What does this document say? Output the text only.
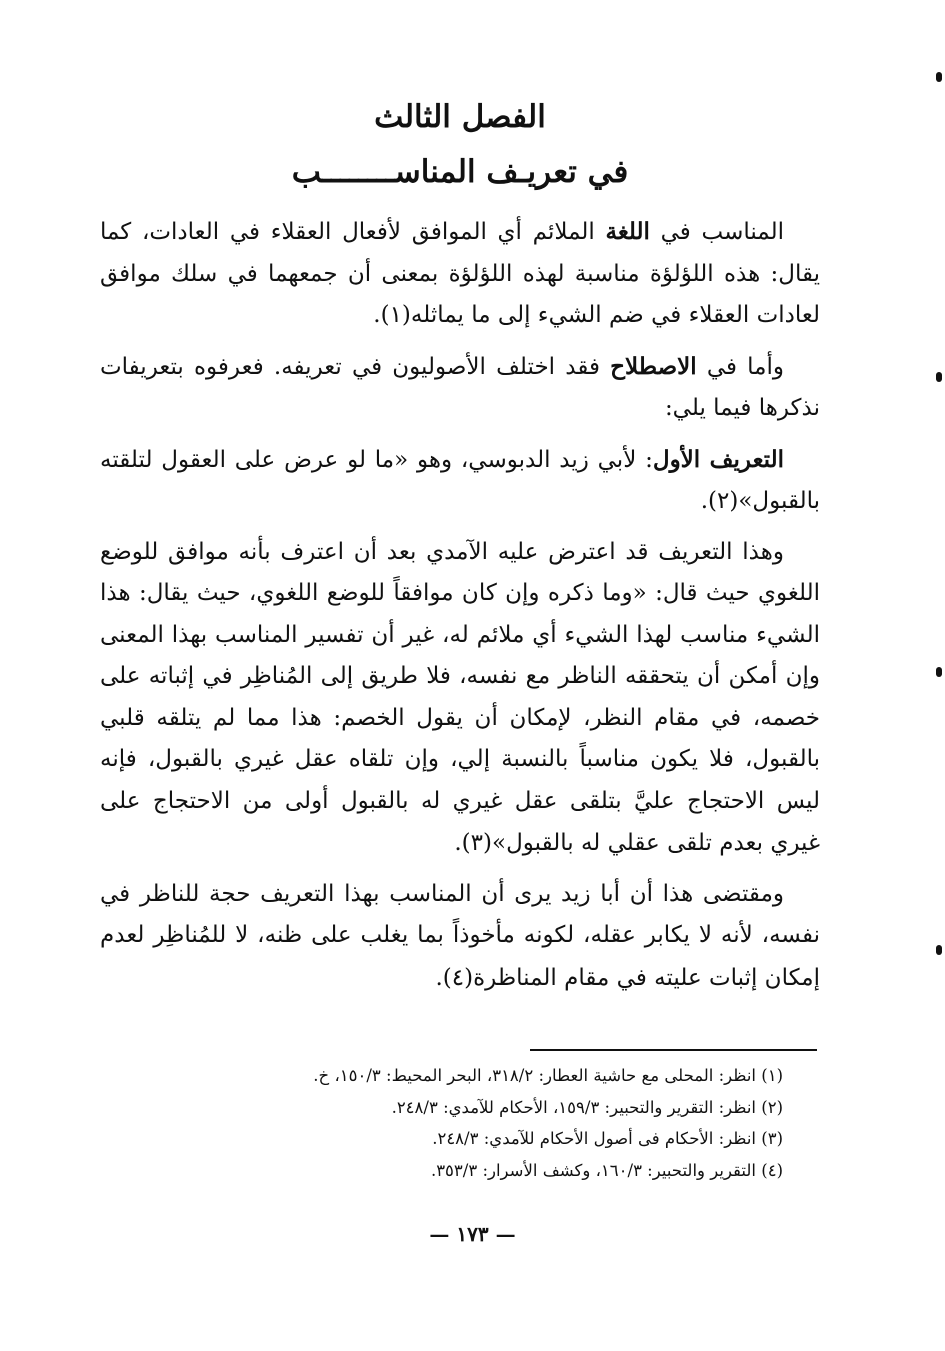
الفصل الثالث
في تعريـف المناســــــــب

المناسب في اللغة الملائم أي الموافق لأفعال العقلاء في العادات، كما يقال: هذه اللؤلؤة مناسبة لهذه اللؤلؤة بمعنى أن جمعهما في سلك موافق لعادات العقلاء في ضم الشيء إلى ما يماثله(١).

وأما في الاصطلاح فقد اختلف الأصوليون في تعريفه. فعرفوه بتعريفات نذكرها فيما يلي:

التعريف الأول: لأبي زيد الدبوسي، وهو «ما لو عرض على العقول لتلقته بالقبول»(٢).

وهذا التعريف قد اعترض عليه الآمدي بعد أن اعترف بأنه موافق للوضع اللغوي حيث قال: «وما ذكره وإن كان موافقاً للوضع اللغوي، حيث يقال: هذا الشيء مناسب لهذا الشيء أي ملائم له، غير أن تفسير المناسب بهذا المعنى وإن أمكن أن يتحققه الناظر مع نفسه، فلا طريق إلى المُناظِر في إثباته على خصمه، في مقام النظر، لإمكان أن يقول الخصم: هذا مما لم يتلقه قلبي بالقبول، فلا يكون مناسباً بالنسبة إلي، وإن تلقاه عقل غيري بالقبول، فإنه ليس الاحتجاج عليَّ بتلقى عقل غيري له بالقبول أولى من الاحتجاج على غيري بعدم تلقى عقلي له بالقبول»(٣).

ومقتضى هذا أن أبا زيد يرى أن المناسب بهذا التعريف حجة للناظر في نفسه، لأنه لا يكابر عقله، لكونه مأخوذاً بما يغلب على ظنه، لا للمُناظِر لعدم إمكان إثبات عليته في مقام المناظرة(٤).

(١) انظر: المحلى مع حاشية العطار: ٣١٨/٢، البحر المحيط: ١٥٠/٣، خ.

(٢) انظر: التقرير والتحبير: ١٥٩/٣، الأحكام للآمدي: ٢٤٨/٣.

(٣) انظر: الأحكام فى أصول الأحكام للآمدي: ٢٤٨/٣.

(٤) التقرير والتحبير: ١٦٠/٣، وكشف الأسرار: ٣٥٣/٣.

— ١٧٣ —
